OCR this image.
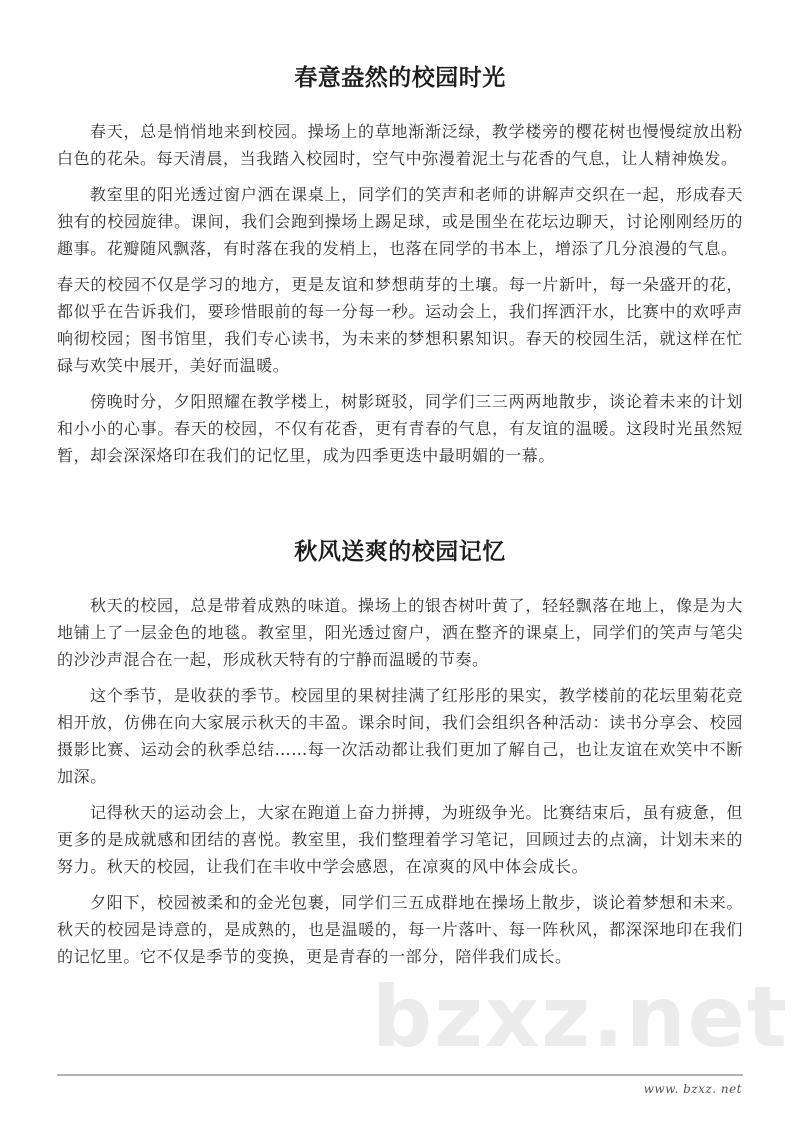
春意盎然的校园时光

春天，总是悄悄地来到校园。操场上的草地渐渐泛绿，教学楼旁的樱花树也慢慢绽放出粉白色的花朵。每天清晨，当我踏入校园时，空气中弥漫着泥土与花香的气息，让人精神焕发。

教室里的阳光透过窗户洒在课桌上，同学们的笑声和老师的讲解声交织在一起，形成春天独有的校园旋律。课间，我们会跑到操场上踢足球，或是围坐在花坛边聊天，讨论刚刚经历的趣事。花瓣随风飘落，有时落在我的发梢上，也落在同学的书本上，增添了几分浪漫的气息。

春天的校园不仅是学习的地方，更是友谊和梦想萌芽的土壤。每一片新叶，每一朵盛开的花，都似乎在告诉我们，要珍惜眼前的每一分每一秒。运动会上，我们挥洒汗水，比赛中的欢呼声响彻校园；图书馆里，我们专心读书，为未来的梦想积累知识。春天的校园生活，就这样在忙碌与欢笑中展开，美好而温暖。

傍晚时分，夕阳照耀在教学楼上，树影斑驳，同学们三三两两地散步，谈论着未来的计划和小小的心事。春天的校园，不仅有花香，更有青春的气息，有友谊的温暖。这段时光虽然短暂，却会深深烙印在我们的记忆里，成为四季更迭中最明媚的一幕。

秋风送爽的校园记忆

秋天的校园，总是带着成熟的味道。操场上的银杏树叶黄了，轻轻飘落在地上，像是为大地铺上了一层金色的地毯。教室里，阳光透过窗户，洒在整齐的课桌上，同学们的笑声与笔尖的沙沙声混合在一起，形成秋天特有的宁静而温暖的节奏。

这个季节，是收获的季节。校园里的果树挂满了红彤彤的果实，教学楼前的花坛里菊花竞相开放，仿佛在向大家展示秋天的丰盈。课余时间，我们会组织各种活动：读书分享会、校园摄影比赛、运动会的秋季总结……每一次活动都让我们更加了解自己，也让友谊在欢笑中不断加深。

记得秋天的运动会上，大家在跑道上奋力拼搏，为班级争光。比赛结束后，虽有疲惫，但更多的是成就感和团结的喜悦。教室里，我们整理着学习笔记，回顾过去的点滴，计划未来的努力。秋天的校园，让我们在丰收中学会感恩，在凉爽的风中体会成长。

夕阳下，校园被柔和的金光包裹，同学们三五成群地在操场上散步，谈论着梦想和未来。秋天的校园是诗意的，是成熟的，也是温暖的，每一片落叶、每一阵秋风，都深深地印在我们的记忆里。它不仅是季节的变换，更是青春的一部分，陪伴我们成长。

bzxz.net
www. bzxz. net
